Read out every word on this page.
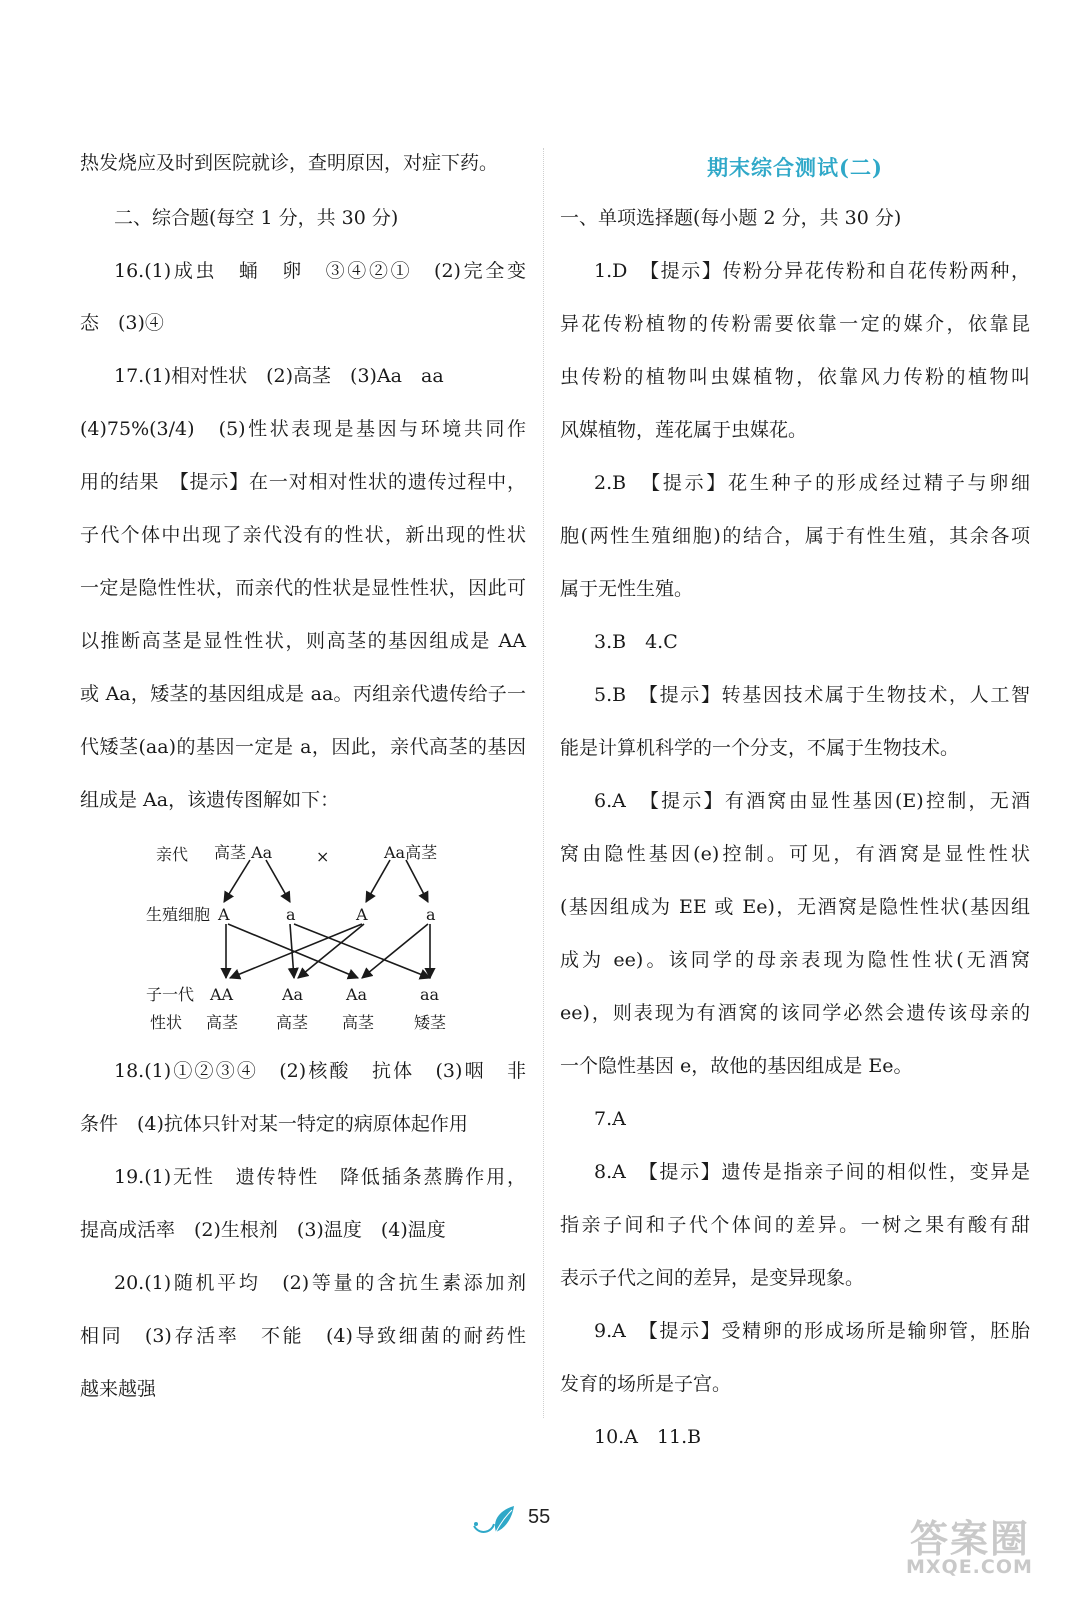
热发烧应及时到医院就诊，查明原因，对症下药。
二、综合题(每空 1 分，共 30 分)
16.(1)成虫　蛹　卵　③④②①　(2)完全变
态　(3)④
17.(1)相对性状　(2)高茎　(3)Aa　aa
(4)75%(3/4)　(5)性状表现是基因与环境共同作
用的结果　【提示】在一对相对性状的遗传过程中，
子代个体中出现了亲代没有的性状，新出现的性状
一定是隐性性状，而亲代的性状是显性性状，因此可
以推断高茎是显性性状，则高茎的基因组成是 AA
或 Aa，矮茎的基因组成是 aa。丙组亲代遗传给子一
代矮茎(aa)的基因一定是 a，因此，亲代高茎的基因
组成是 Aa，该遗传图解如下：
18.(1)①②③④　(2)核酸　抗体　(3)咽　非
条件　(4)抗体只针对某一特定的病原体起作用
19.(1)无性　遗传特性　降低插条蒸腾作用，
提高成活率　(2)生根剂　(3)温度　(4)温度
20.(1)随机平均　(2)等量的含抗生素添加剂
相同　(3)存活率　不能　(4)导致细菌的耐药性
越来越强
亲代 高茎 Aa	×	Aa高茎
生殖细胞 A	a	A	a
子一代 AA	Aa	Aa	aa
性状 高茎 高茎 高茎 矮茎
期末综合测试(二)
一、单项选择题(每小题 2 分，共 30 分)
1.D　【提示】传粉分异花传粉和自花传粉两种，
异花传粉植物的传粉需要依靠一定的媒介，依靠昆
虫传粉的植物叫虫媒植物，依靠风力传粉的植物叫
风媒植物，莲花属于虫媒花。
2.B　【提示】花生种子的形成经过精子与卵细
胞(两性生殖细胞)的结合，属于有性生殖，其余各项
属于无性生殖。
3.B　4.C
5.B　【提示】转基因技术属于生物技术，人工智
能是计算机科学的一个分支，不属于生物技术。
6.A　【提示】有酒窝由显性基因(E)控制，无酒
窝由隐性基因(e)控制。可见，有酒窝是显性性状
(基因组成为 EE 或 Ee)，无酒窝是隐性性状(基因组
成为 ee)。该同学的母亲表现为隐性性状(无酒窝
ee)，则表现为有酒窝的该同学必然会遗传该母亲的
一个隐性基因 e，故他的基因组成是 Ee。
7.A
8.A　【提示】遗传是指亲子间的相似性，变异是
指亲子间和子代个体间的差异。一树之果有酸有甜
表示子代之间的差异，是变异现象。
9.A　【提示】受精卵的形成场所是输卵管，胚胎
发育的场所是子宫。
10.A　11.B
55	答案圈
MXQE.COM
